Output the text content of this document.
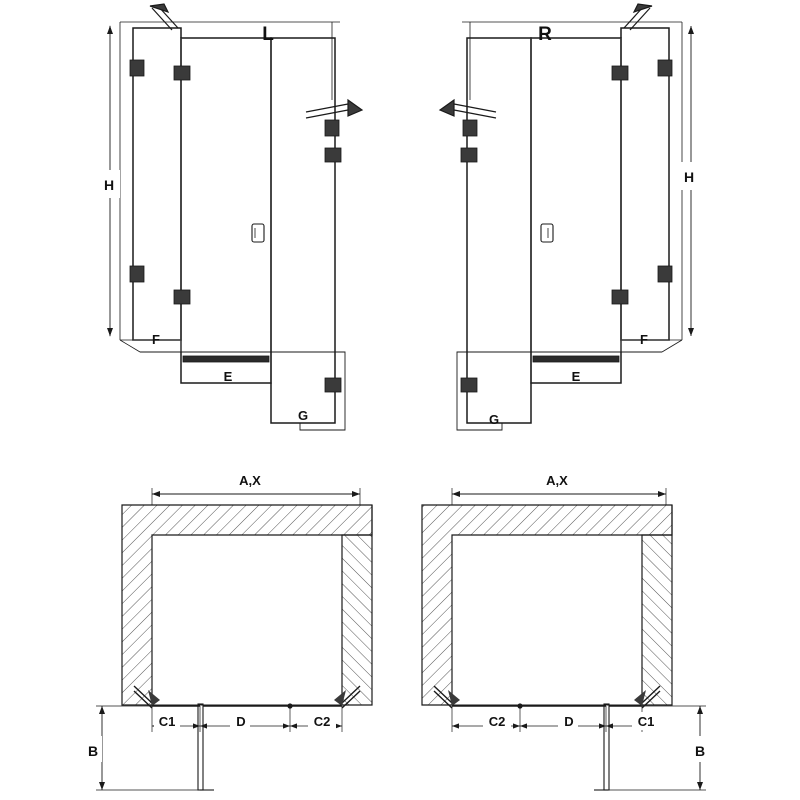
H
L
F
E
G
H
R
F
E
G
A,X
B
C1	D	C2
A,X
B
C2	D	C1
